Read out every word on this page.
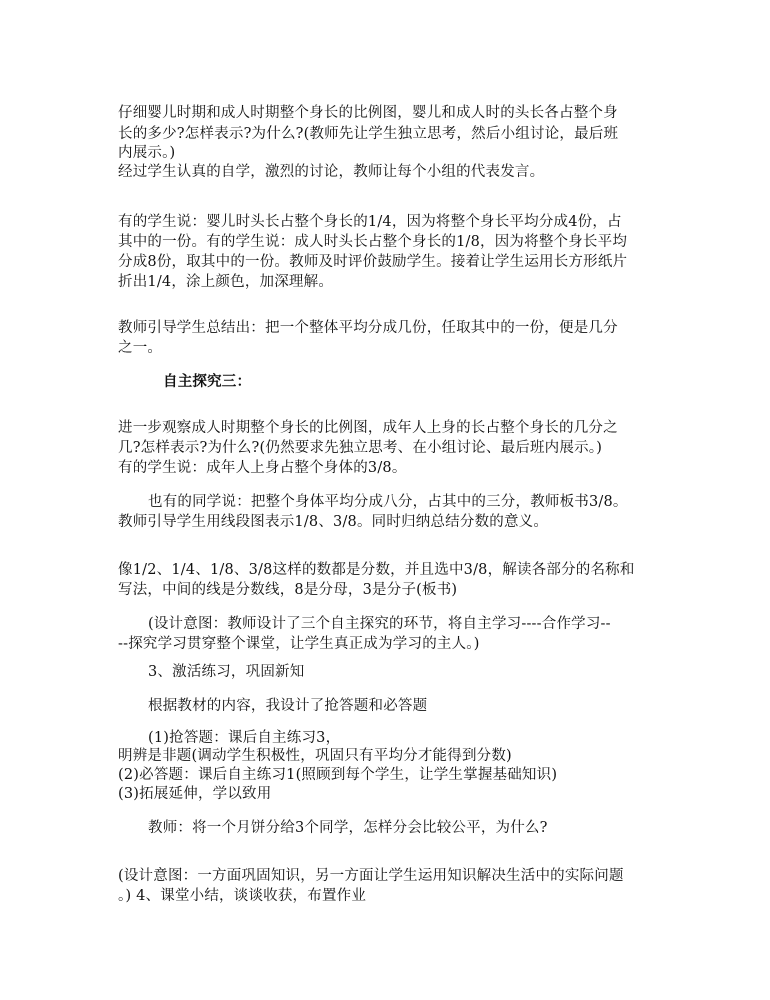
仔细婴儿时期和成人时期整个身长的比例图，婴儿和成人时的头长各占整个身
长的多少?怎样表示?为什么?(教师先让学生独立思考，然后小组讨论，最后班
内展示。)
经过学生认真的自学，激烈的讨论，教师让每个小组的代表发言。
有的学生说：婴儿时头长占整个身长的1/4，因为将整个身长平均分成4份，占
其中的一份。有的学生说：成人时头长占整个身长的1/8，因为将整个身长平均
分成8份，取其中的一份。教师及时评价鼓励学生。接着让学生运用长方形纸片
折出1/4，涂上颜色，加深理解。
教师引导学生总结出：把一个整体平均分成几份，任取其中的一份，便是几分
之一。
自主探究三：
进一步观察成人时期整个身长的比例图，成年人上身的长占整个身长的几分之
几?怎样表示?为什么?(仍然要求先独立思考、在小组讨论、最后班内展示。)
有的学生说：成年人上身占整个身体的3/8。
也有的同学说：把整个身体平均分成八分，占其中的三分，教师板书3/8。
教师引导学生用线段图表示1/8、3/8。同时归纳总结分数的意义。
像1/2、1/4、1/8、3/8这样的数都是分数，并且选中3/8，解读各部分的名称和
写法，中间的线是分数线，8是分母，3是分子(板书)
(设计意图：教师设计了三个自主探究的环节，将自主学习----合作学习--
--探究学习贯穿整个课堂，让学生真正成为学习的主人。)
3、激活练习，巩固新知
根据教材的内容，我设计了抢答题和必答题
(1)抢答题：课后自主练习3，
明辨是非题(调动学生积极性，巩固只有平均分才能得到分数)
(2)必答题：课后自主练习1(照顾到每个学生，让学生掌握基础知识)
(3)拓展延伸，学以致用
教师：将一个月饼分给3个同学，怎样分会比较公平，为什么?
(设计意图：一方面巩固知识，另一方面让学生运用知识解决生活中的实际问题
。) 4、课堂小结，谈谈收获，布置作业
